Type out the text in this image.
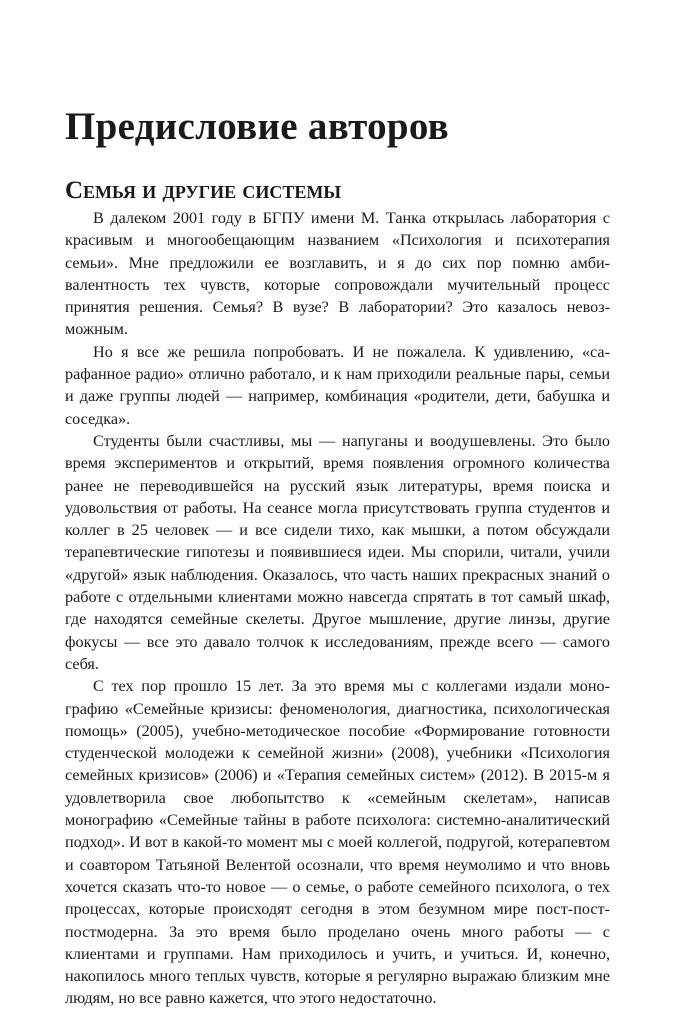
Предисловие авторов
Семья и другие системы

В далеком 2001 году в БГПУ имени М. Танка открылась лаборатория с красивым и многообещающим названием «Психология и психотерапия семьи». Мне предложили ее возглавить, и я до сих пор помню амбивалентность тех чувств, которые сопровождали мучительный процесс принятия решения. Семья? В вузе? В лаборатории? Это казалось невозможным.

Но я все же решила попробовать. И не пожалела. К удивлению, «сарафанное радио» отлично работало, и к нам приходили реальные пары, семьи и даже группы людей — например, комбинация «родители, дети, бабушка и соседка».

Студенты были счастливы, мы — напуганы и воодушевлены. Это было время экспериментов и открытий, время появления огромного количества ранее не переводившейся на русский язык литературы, время поиска и удовольствия от работы. На сеансе могла присутствовать группа студентов и коллег в 25 человек — и все сидели тихо, как мышки, а потом обсуждали терапевтические гипотезы и появившиеся идеи. Мы спорили, читали, учили «другой» язык наблюдения. Оказалось, что часть наших прекрасных знаний о работе с отдельными клиентами можно навсегда спрятать в тот самый шкаф, где находятся семейные скелеты. Другое мышление, другие линзы, другие фокусы — все это давало толчок к исследованиям, прежде всего — самого себя.

С тех пор прошло 15 лет. За это время мы с коллегами издали монографию «Семейные кризисы: феноменология, диагностика, психологическая помощь» (2005), учебно-методическое пособие «Формирование готовности студенческой молодежи к семейной жизни» (2008), учебники «Психология семейных кризисов» (2006) и «Терапия семейных систем» (2012). В 2015-м я удовлетворила свое любопытство к «семейным скелетам», написав монографию «Семейные тайны в работе психолога: системно-аналитический подход». И вот в какой-то момент мы с моей коллегой, подругой, котерапевтом и соавтором Татьяной Велентой осознали, что время неумолимо и что вновь хочется сказать что-то новое — о семье, о работе семейного психолога, о тех процессах, которые происходят сегодня в этом безумном мире пост-пост-постмодерна. За это время было проделано очень много работы — с клиентами и группами. Нам приходилось и учить, и учиться. И, конечно, накопилось много теплых чувств, которые я регулярно выражаю близким мне людям, но все равно кажется, что этого недостаточно.
